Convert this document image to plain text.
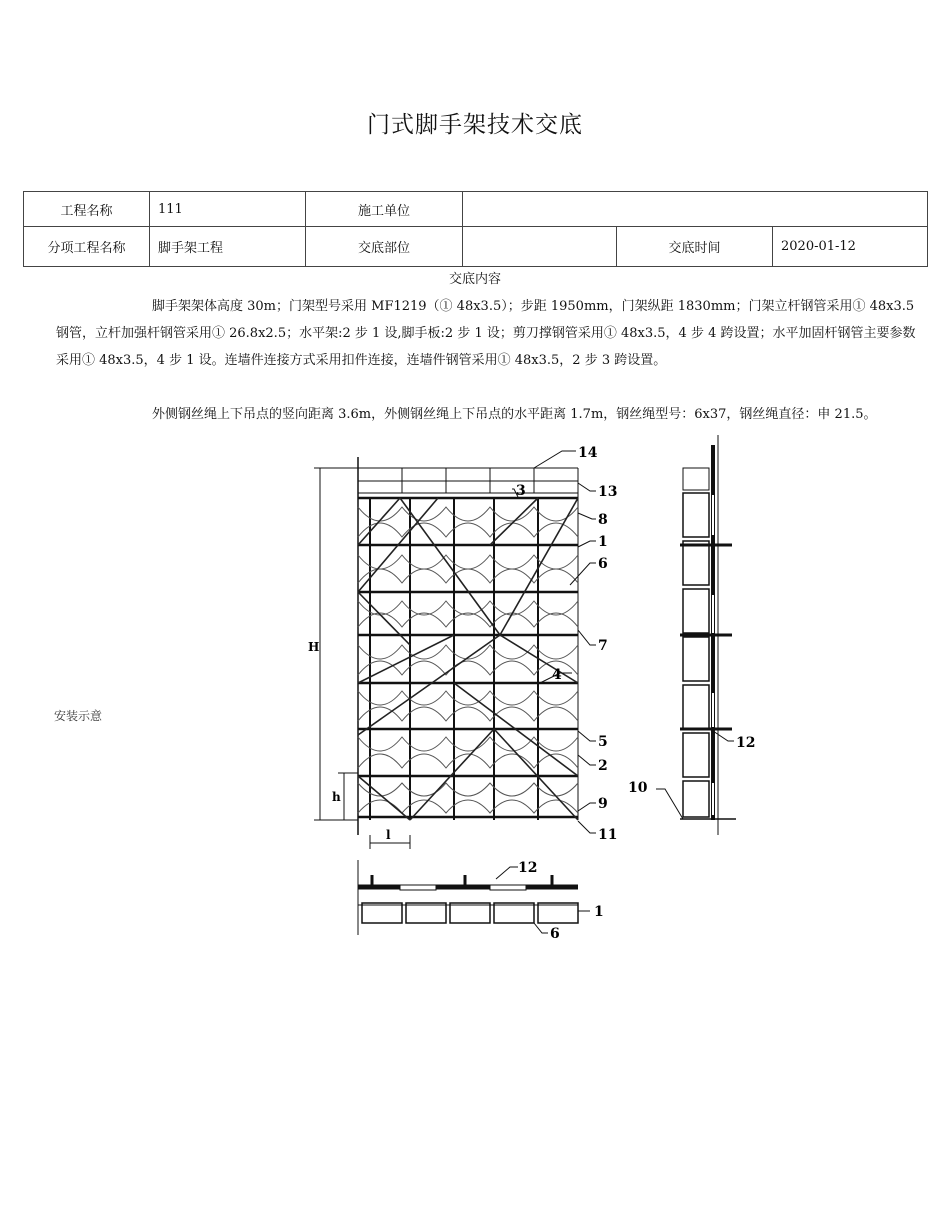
门式脚手架技术交底
工程名称	111	施工单位			
分项工程名称	脚手架工程	交底部位		交底时间	2020-01-12
交底内容
脚手架架体高度 30m；门架型号采用 MF1219（① 48x3.5）；步距 1950mm，门架纵距 1830mm；门架立杆钢管采用① 48x3.5 钢管，立杆加强杆钢管采用① 26.8x2.5；水平架:2 步 1 设,脚手板:2 步 1 设；剪刀撑钢管采用① 48x3.5，4 步 4 跨设置；水平加固杆钢管主要参数采用① 48x3.5，4 步 1 设。连墙件连接方式采用扣件连接，连墙件钢管采用① 48x3.5，2 步 3 跨设置。
外侧钢丝绳上下吊点的竖向距离 3.6m，外侧钢丝绳上下吊点的水平距离 1.7m，钢丝绳型号：6x37，钢丝绳直径：申 21.5。
安装示意
H
h
l
14
13
3
8
1
6
7
4
5
2
9
11
12
10
12
1
6
